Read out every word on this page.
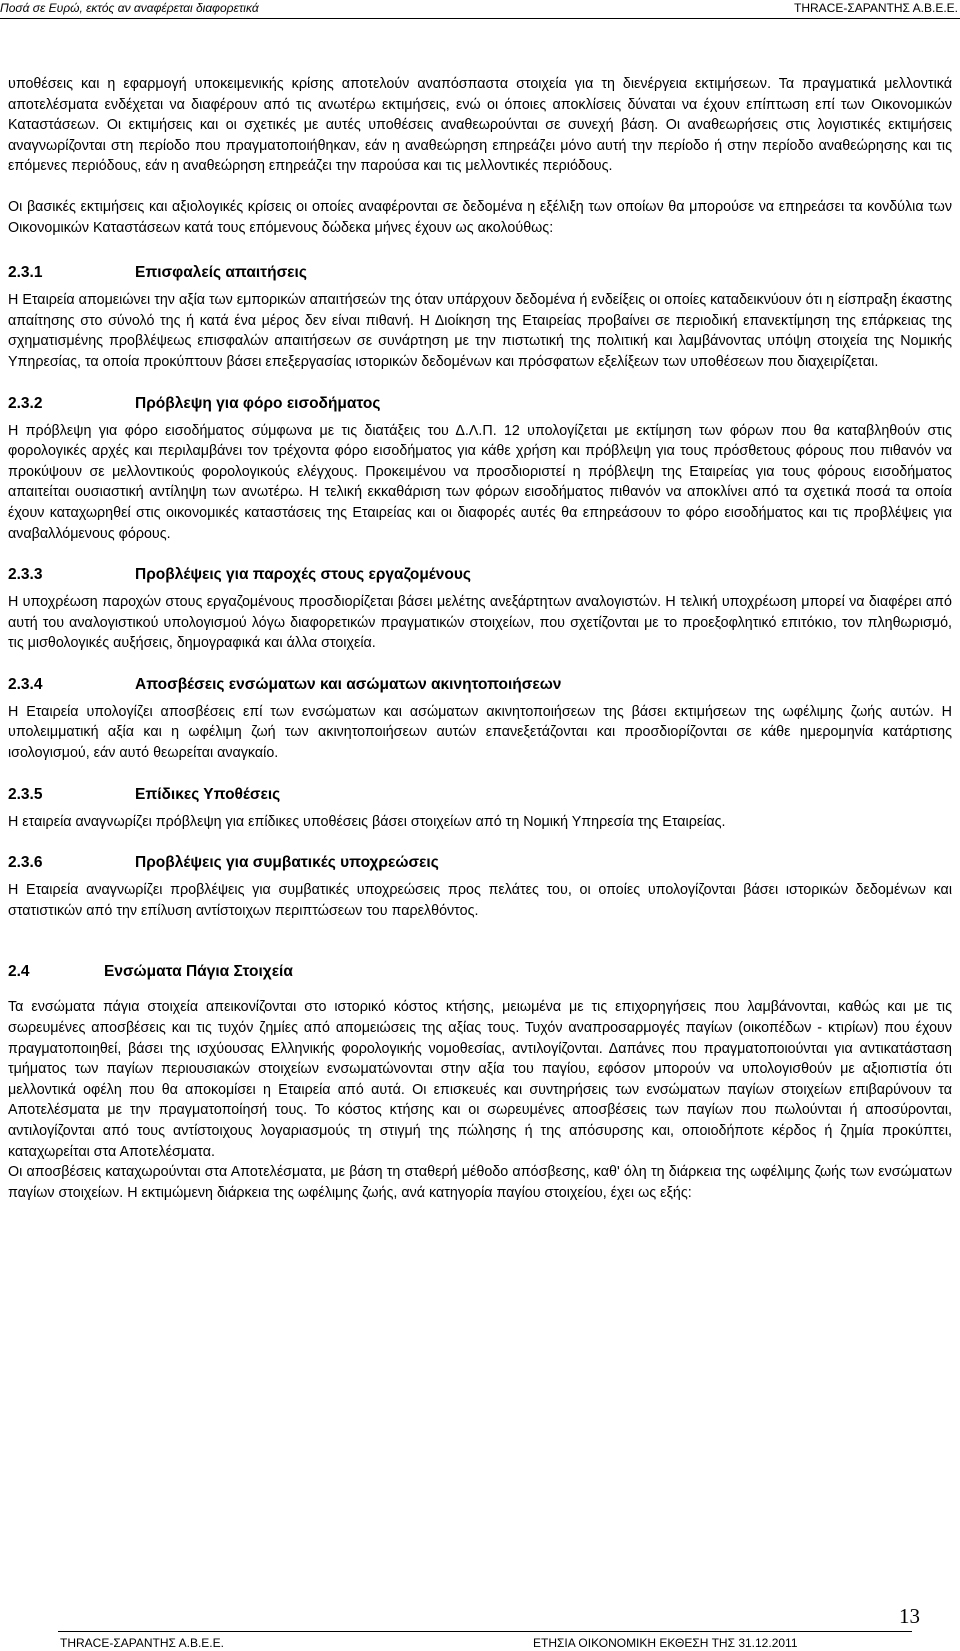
Ποσά σε Ευρώ, εκτός αν αναφέρεται διαφορετικά	THRACE-ΣΑΡΑΝΤΗΣ Α.Β.Ε.Ε.

υποθέσεις και η εφαρμογή υποκειμενικής κρίσης αποτελούν αναπόσπαστα στοιχεία για τη διενέργεια εκτιμήσεων. Τα πραγματικά μελλοντικά αποτελέσματα ενδέχεται να διαφέρουν από τις ανωτέρω εκτιμήσεις, ενώ οι όποιες αποκλίσεις δύναται να έχουν επίπτωση επί των Οικονομικών Καταστάσεων. Οι εκτιμήσεις και οι σχετικές με αυτές υποθέσεις αναθεωρούνται σε συνεχή βάση. Οι αναθεωρήσεις στις λογιστικές εκτιμήσεις αναγνωρίζονται στη περίοδο που πραγματοποιήθηκαν, εάν η αναθεώρηση επηρεάζει μόνο αυτή την περίοδο ή στην περίοδο αναθεώρησης και τις επόμενες περιόδους, εάν η αναθεώρηση επηρεάζει την παρούσα και τις μελλοντικές περιόδους.

Οι βασικές εκτιμήσεις και αξιολογικές κρίσεις οι οποίες αναφέρονται σε δεδομένα η εξέλιξη των οποίων θα μπορούσε να επηρεάσει τα κονδύλια των Οικονομικών Καταστάσεων κατά τους επόμενους δώδεκα μήνες έχουν ως ακολούθως:

2.3.1	Επισφαλείς απαιτήσεις

Η Εταιρεία απομειώνει την αξία των εμπορικών απαιτήσεών της όταν υπάρχουν δεδομένα ή ενδείξεις οι οποίες καταδεικνύουν ότι η είσπραξη έκαστης απαίτησης στο σύνολό της ή κατά ένα μέρος δεν είναι πιθανή. Η Διοίκηση της Εταιρείας προβαίνει σε περιοδική επανεκτίμηση της επάρκειας της σχηματισμένης προβλέψεως επισφαλών απαιτήσεων σε συνάρτηση με την πιστωτική της πολιτική και λαμβάνοντας υπόψη στοιχεία της Νομικής Υπηρεσίας, τα οποία προκύπτουν βάσει επεξεργασίας ιστορικών δεδομένων και πρόσφατων εξελίξεων των υποθέσεων που διαχειρίζεται.

2.3.2	Πρόβλεψη για φόρο εισοδήματος

Η πρόβλεψη για φόρο εισοδήματος σύμφωνα με τις διατάξεις του Δ.Λ.Π. 12 υπολογίζεται με εκτίμηση των φόρων που θα καταβληθούν στις φορολογικές αρχές και περιλαμβάνει τον τρέχοντα φόρο εισοδήματος για κάθε χρήση και πρόβλεψη για τους πρόσθετους φόρους που πιθανόν να προκύψουν σε μελλοντικούς φορολογικούς ελέγχους. Προκειμένου να προσδιοριστεί η πρόβλεψη της Εταιρείας για τους φόρους εισοδήματος απαιτείται ουσιαστική αντίληψη των ανωτέρω. Η τελική εκκαθάριση των φόρων εισοδήματος πιθανόν να αποκλίνει από τα σχετικά ποσά τα οποία έχουν καταχωρηθεί στις οικονομικές καταστάσεις της Εταιρείας και οι διαφορές αυτές θα επηρεάσουν το φόρο εισοδήματος και τις προβλέψεις για αναβαλλόμενους φόρους.

2.3.3	Προβλέψεις για παροχές στους εργαζομένους

Η υποχρέωση παροχών στους εργαζομένους προσδιορίζεται βάσει μελέτης ανεξάρτητων αναλογιστών. Η τελική υποχρέωση μπορεί να διαφέρει από αυτή του αναλογιστικού υπολογισμού λόγω διαφορετικών πραγματικών στοιχείων, που σχετίζονται με το προεξοφλητικό επιτόκιο, τον πληθωρισμό, τις μισθολογικές αυξήσεις, δημογραφικά και άλλα στοιχεία.

2.3.4	Αποσβέσεις ενσώματων και ασώματων ακινητοποιήσεων

Η Εταιρεία υπολογίζει αποσβέσεις επί των ενσώματων και ασώματων ακινητοποιήσεων της βάσει εκτιμήσεων της ωφέλιμης ζωής αυτών. Η υπολειμματική αξία και η ωφέλιμη ζωή των ακινητοποιήσεων αυτών επανεξετάζονται και προσδιορίζονται σε κάθε ημερομηνία κατάρτισης ισολογισμού, εάν αυτό θεωρείται αναγκαίο.

2.3.5	Επίδικες Υποθέσεις

Η εταιρεία αναγνωρίζει πρόβλεψη για επίδικες υποθέσεις βάσει στοιχείων από τη Νομική Υπηρεσία της Εταιρείας.

2.3.6	Προβλέψεις για συμβατικές υποχρεώσεις

Η Εταιρεία αναγνωρίζει προβλέψεις για συμβατικές υποχρεώσεις προς πελάτες του, οι οποίες υπολογίζονται βάσει ιστορικών δεδομένων και στατιστικών από την επίλυση αντίστοιχων περιπτώσεων του παρελθόντος.

2.4	Ενσώματα Πάγια Στοιχεία

Τα ενσώματα πάγια στοιχεία απεικονίζονται στο ιστορικό κόστος κτήσης, μειωμένα με τις επιχορηγήσεις που λαμβάνονται, καθώς και με τις σωρευμένες αποσβέσεις και τις τυχόν ζημίες από απομειώσεις της αξίας τους. Τυχόν αναπροσαρμογές παγίων (οικοπέδων - κτιρίων) που έχουν πραγματοποιηθεί, βάσει της ισχύουσας Ελληνικής φορολογικής νομοθεσίας, αντιλογίζονται. Δαπάνες που πραγματοποιούνται για αντικατάσταση τμήματος των παγίων περιουσιακών στοιχείων ενσωματώνονται στην αξία του παγίου, εφόσον μπορούν να υπολογισθούν με αξιοπιστία ότι μελλοντικά οφέλη που θα αποκομίσει η Εταιρεία από αυτά. Οι επισκευές και συντηρήσεις των ενσώματων παγίων στοιχείων επιβαρύνουν τα Αποτελέσματα με την πραγματοποίησή τους. Το κόστος κτήσης και οι σωρευμένες αποσβέσεις των παγίων που πωλούνται ή αποσύρονται, αντιλογίζονται από τους αντίστοιχους λογαριασμούς τη στιγμή της πώλησης ή της απόσυρσης και, οποιοδήποτε κέρδος ή ζημία προκύπτει, καταχωρείται στα Αποτελέσματα.

Οι αποσβέσεις καταχωρούνται στα Αποτελέσματα, με βάση τη σταθερή μέθοδο απόσβεσης, καθ' όλη τη διάρκεια της ωφέλιμης ζωής των ενσώματων παγίων στοιχείων. Η εκτιμώμενη διάρκεια της ωφέλιμης ζωής, ανά κατηγορία παγίου στοιχείου, έχει ως εξής:

13
THRACE-ΣΑΡΑΝΤΗΣ Α.Β.Ε.Ε.	ΕΤΗΣΙΑ ΟΙΚΟΝΟΜΙΚΗ ΕΚΘΕΣΗ ΤΗΣ 31.12.2011
